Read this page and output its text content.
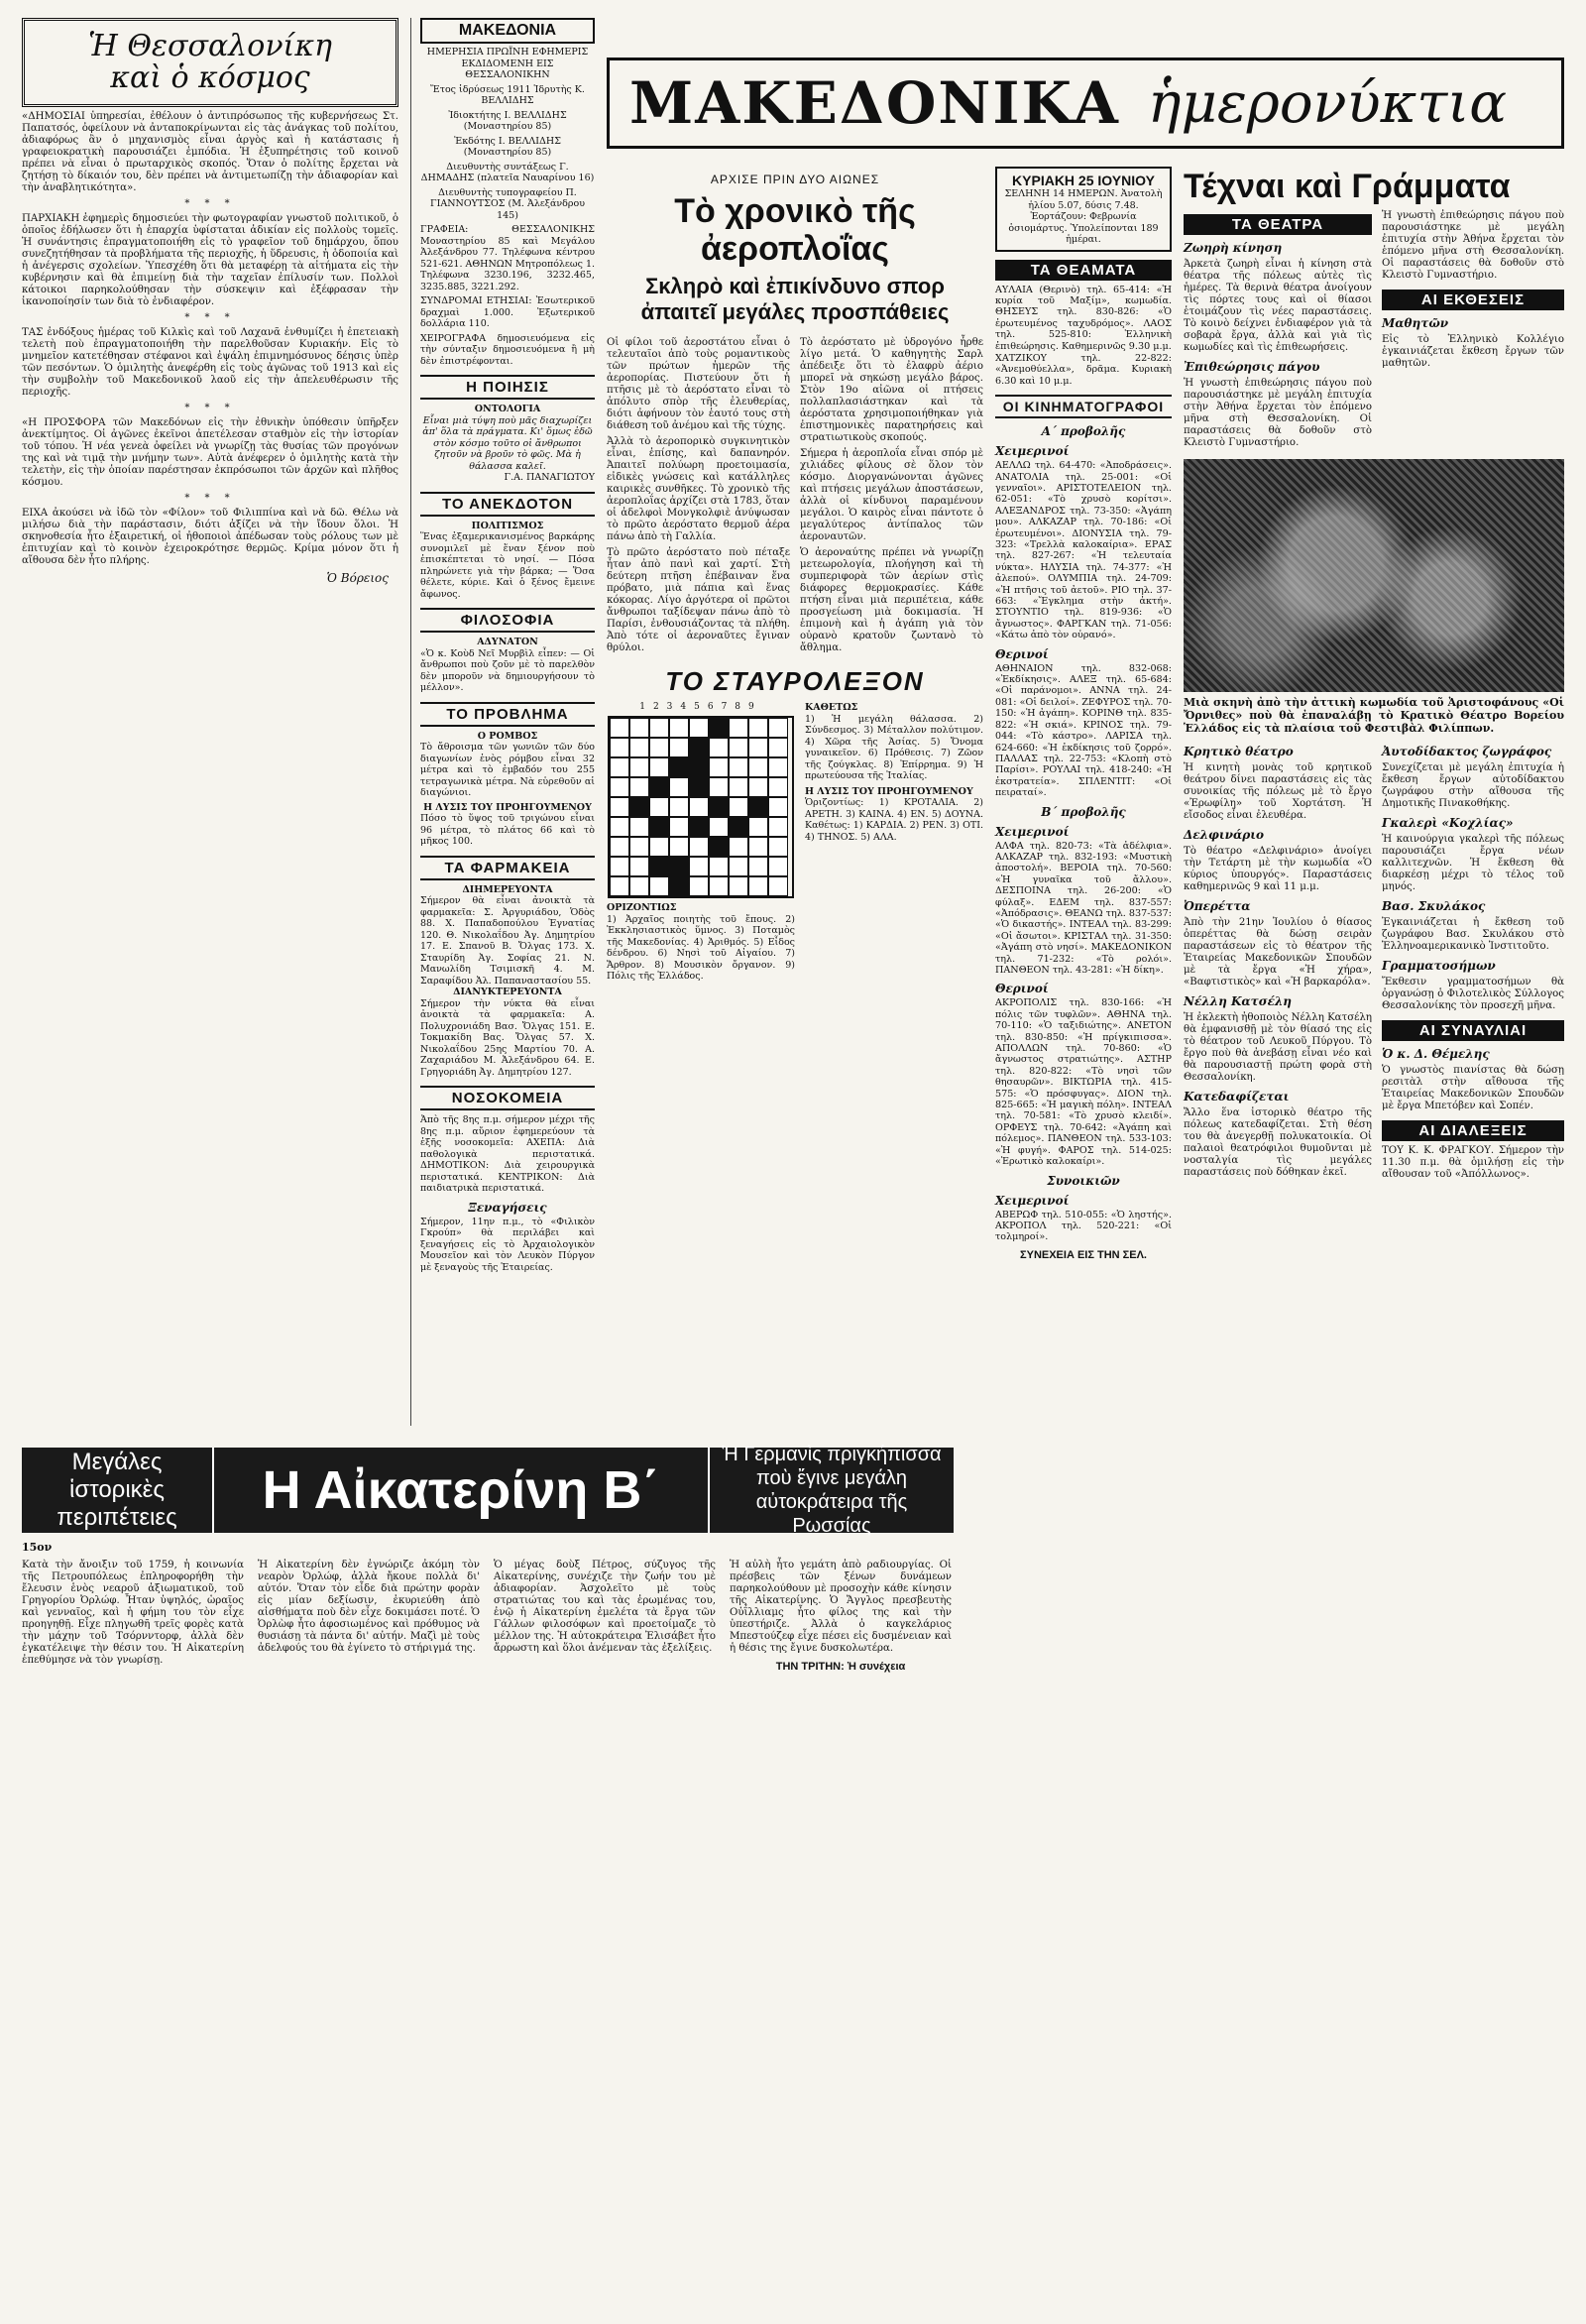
Ἡ Θεσσαλονίκη
καὶ ὁ κόσμος

«ΔΗΜΟΣΙΑΙ ὑπηρεσίαι, ἐθέλουν ὁ ἀντιπρόσωπος τῆς κυβερνήσεως Στ. Παπατσός, ὀφείλουν νὰ ἀνταποκρίνωνται εἰς τὰς ἀνάγκας τοῦ πολίτου, ἀδιαφόρως ἂν ὁ μηχανισμὸς εἶναι ἀργὸς καὶ ἡ κατάστασις ἡ γραφειοκρατικὴ παρουσιάζει ἐμπόδια. Ἡ ἐξυπηρέτησις τοῦ κοινοῦ πρέπει νὰ εἶναι ὁ πρωταρχικὸς σκοπός. Ὅταν ὁ πολίτης ἔρχεται νὰ ζητήσῃ τὸ δίκαιόν του, δὲν πρέπει νὰ ἀντιμετωπίζῃ τὴν ἀδιαφορίαν καὶ τὴν ἀναβλητικότητα».

* * *

ΠΑΡΧΙΑΚΗ ἐφημερὶς δημοσιεύει τὴν φωτογραφίαν γνωστοῦ πολιτικοῦ, ὁ ὁποῖος ἐδήλωσεν ὅτι ἡ ἐπαρχία ὑφίσταται ἀδικίαν εἰς πολλοὺς τομεῖς. Ἡ συνάντησις ἐπραγματοποιήθη εἰς τὸ γραφεῖον τοῦ δημάρχου, ὅπου συνεζητήθησαν τὰ προβλήματα τῆς περιοχῆς, ἡ ὕδρευσις, ἡ ὁδοποιία καὶ ἡ ἀνέγερσις σχολείων. Ὑπεσχέθη ὅτι θὰ μεταφέρῃ τὰ αἰτήματα εἰς τὴν κυβέρνησιν καὶ θὰ ἐπιμείνῃ διὰ τὴν ταχεῖαν ἐπίλυσίν των. Πολλοὶ κάτοικοι παρηκολούθησαν τὴν σύσκεψιν καὶ ἐξέφρασαν τὴν ἱκανοποίησίν των διὰ τὸ ἐνδιαφέρον.

* * *

ΤΑΣ ἐνδόξους ἡμέρας τοῦ Κιλκὶς καὶ τοῦ Λαχανᾶ ἐνθυμίζει ἡ ἐπετειακὴ τελετὴ ποὺ ἐπραγματοποιήθη τὴν παρελθοῦσαν Κυριακήν. Εἰς τὸ μνημεῖον κατετέθησαν στέφανοι καὶ ἐψάλη ἐπιμνημόσυνος δέησις ὑπὲρ τῶν πεσόντων. Ὁ ὁμιλητὴς ἀνεφέρθη εἰς τοὺς ἀγῶνας τοῦ 1913 καὶ εἰς τὴν συμβολὴν τοῦ Μακεδονικοῦ λαοῦ εἰς τὴν ἀπελευθέρωσιν τῆς περιοχῆς.

* * *

«Η ΠΡΟΣΦΟΡΑ τῶν Μακεδόνων εἰς τὴν ἐθνικὴν ὑπόθεσιν ὑπῆρξεν ἀνεκτίμητος. Οἱ ἀγῶνες ἐκεῖνοι ἀπετέλεσαν σταθμὸν εἰς τὴν ἱστορίαν τοῦ τόπου. Ἡ νέα γενεὰ ὀφείλει νὰ γνωρίζῃ τὰς θυσίας τῶν προγόνων της καὶ νὰ τιμᾷ τὴν μνήμην των». Αὐτὰ ἀνέφερεν ὁ ὁμιλητὴς κατὰ τὴν τελετὴν, εἰς τὴν ὁποίαν παρέστησαν ἐκπρόσωποι τῶν ἀρχῶν καὶ πλῆθος κόσμου.

* * *

ΕΙΧΑ ἀκούσει νὰ ἰδῶ τὸν «Φίλον» τοῦ Φιλιππίνα καὶ νὰ δῶ. Θέλω νὰ μιλήσω διὰ τὴν παράστασιν, διότι ἀξίζει νὰ τὴν ἴδουν ὅλοι. Ἡ σκηνοθεσία ἦτο ἐξαιρετική, οἱ ἠθοποιοὶ ἀπέδωσαν τοὺς ρόλους των μὲ ἐπιτυχίαν καὶ τὸ κοινὸν ἐχειροκρότησε θερμῶς. Κρίμα μόνον ὅτι ἡ αἴθουσα δὲν ἦτο πλήρης.

Ὁ Βόρειος
ΜΑΚΕΔΟΝΙΑ
ΗΜΕΡΗΣΙΑ ΠΡΩΪΝΗ ΕΦΗΜΕΡΙΣ ΕΚΔΙΔΟΜΕΝΗ ΕΙΣ ΘΕΣΣΑΛΟΝΙΚΗΝ
Ἔτος ἱδρύσεως 1911 Ἱδρυτὴς Κ. ΒΕΛΛΙΔΗΣ
Ἰδιοκτήτης Ι. ΒΕΛΛΙΔΗΣ (Μοναστηρίου 85)
Ἐκδότης Ι. ΒΕΛΛΙΔΗΣ (Μοναστηρίου 85)
Διευθυντὴς συντάξεως Γ. ΔΗΜΑΔΗΣ (πλατεῖα Ναυαρίνου 16)
Διευθυντὴς τυπογραφείου Π. ΓΙΑΝΝΟΥΤΣΟΣ (Μ. Ἀλεξάνδρου 145)
ΓΡΑΦΕΙΑ: ΘΕΣΣΑΛΟΝΙΚΗΣ Μοναστηρίου 85 καὶ Μεγάλου Ἀλεξάνδρου 77. Τηλέφωνα κέντρου 521-621. ΑΘΗΝΩΝ Μητροπόλεως 1. Τηλέφωνα 3230.196, 3232.465, 3235.885, 3221.292.
ΣΥΝΔΡΟΜΑΙ ΕΤΗΣΙΑΙ: Ἐσωτερικοῦ δραχμαὶ 1.000. Ἐξωτερικοῦ δολλάρια 110.
ΧΕΙΡΟΓΡΑΦΑ δημοσιευόμενα εἰς τὴν σύνταξιν δημοσιευόμενα ἢ μὴ δὲν ἐπιστρέφονται.
Η ΠΟΙΗΣΙΣ
ΟΝΤΟΛΟΓΙΑ
Εἶναι μιὰ τύψη ποὺ μᾶς διαχωρίζει ἀπ' ὅλα τὰ πράγματα. Κι' ὅμως ἐδῶ στὸν κόσμο τοῦτο οἱ ἄνθρωποι ζητοῦν νὰ βροῦν τὸ φῶς. Μὰ ἡ θάλασσα καλεῖ.
Γ.Α. ΠΑΝΑΓΙΩΤΟΥ
ΤΟ ΑΝΕΚΔΟΤΟΝ
ΠΟΛΙΤΙΣΜΟΣ
Ἕνας ἐξαμερικανισμένος βαρκάρης συνομιλεῖ μὲ ἕναν ξένον ποὺ ἐπισκέπτεται τὸ νησί. — Πόσα πληρώνετε γιὰ τὴν βάρκα; — Ὅσα θέλετε, κύριε. Καὶ ὁ ξένος ἔμεινε ἄφωνος.
ΦΙΛΟΣΟΦΙΑ
ΑΔΥΝΑΤΟΝ
«Ὁ κ. Κοὺδ Νεῖ Μυρβὶλ εἶπεν: — Οἱ ἄνθρωποι ποὺ ζοῦν μὲ τὸ παρελθὸν δὲν μποροῦν νὰ δημιουργήσουν τὸ μέλλον».
ΤΟ ΠΡΟΒΛΗΜΑ
Ο ΡΟΜΒΟΣ
Τὸ ἄθροισμα τῶν γωνιῶν τῶν δύο διαγωνίων ἑνὸς ρόμβου εἶναι 32 μέτρα καὶ τὸ ἐμβαδόν του 255 τετραγωνικὰ μέτρα. Νὰ εὑρεθοῦν αἱ διαγώνιοι.
Η ΛΥΣΙΣ ΤΟΥ ΠΡΟΗΓΟΥΜΕΝΟΥ
Πόσο τὸ ὕψος τοῦ τριγώνου εἶναι 96 μέτρα, τὸ πλάτος 66 καὶ τὸ μῆκος 100.
ΤΑ ΦΑΡΜΑΚΕΙΑ
ΔΙΗΜΕΡΕΥΟΝΤΑ
Σήμερον θὰ εἶναι ἀνοικτὰ τὰ φαρμακεῖα: Σ. Ἀργυριάδου, Ὁδὸς 88. Χ. Παπαδοπούλου Ἐγνατίας 120. Θ. Νικολαΐδου Ἀγ. Δημητρίου 17. Ε. Σπανοῦ Β. Ὄλγας 173. Χ. Σταυρίδη Ἀγ. Σοφίας 21. Ν. Μανωλίδη Τσιμισκῆ 4. Μ. Σαραφίδου Ἀλ. Παπαναστασίου 55.
ΔΙΑΝΥΚΤΕΡΕΥΟΝΤΑ
Σήμερον τὴν νύκτα θὰ εἶναι ἀνοικτὰ τὰ φαρμακεῖα: Α. Πολυχρονιάδη Βασ. Ὄλγας 151. Ε. Τοκμακίδη Βας. Ὄλγας 57. Χ. Νικολαΐδου 25ης Μαρτίου 70. Α. Ζαχαριάδου Μ. Ἀλεξάνδρου 64. Ε. Γρηγοριάδη Ἀγ. Δημητρίου 127.
ΝΟΣΟΚΟΜΕΙΑ
Ἀπὸ τῆς 8ης π.μ. σήμερον μέχρι τῆς 8ης π.μ. αὔριον ἐφημερεύουν τὰ ἑξῆς νοσοκομεῖα: ΑΧΕΠΑ: Διὰ παθολογικὰ περιστατικά. ΔΗΜΟΤΙΚΟΝ: Διὰ χειρουργικὰ περιστατικά. ΚΕΝΤΡΙΚΟΝ: Διὰ παιδιατρικὰ περιστατικά.
Ξεναγήσεις
Σήμερον, 11ην π.μ., τὸ «Φιλικὸν Γκρούπ» θὰ περιλάβει καὶ ξεναγήσεις εἰς τὸ Ἀρχαιολογικὸν Μουσεῖον καὶ τὸν Λευκὸν Πύργον μὲ ξεναγοὺς τῆς Ἑταιρείας.
ΜΑΚΕΔΟΝΙΚΑ ἡμερονύκτια
ΑΡΧΙΣΕ ΠΡΙΝ ΔΥΟ ΑΙΩΝΕΣ
Τὸ χρονικὸ τῆς ἀεροπλοΐας
Σκληρὸ καὶ ἐπικίνδυνο σπορ ἀπαιτεῖ μεγάλες προσπάθειες

Οἱ φίλοι τοῦ ἀεροστάτου εἶναι ὁ τελευταῖοι ἀπὸ τοὺς ρομαντικοὺς τῶν πρώτων ἡμερῶν τῆς ἀεροπορίας. Πιστεύουν ὅτι ἡ πτῆσις μὲ τὸ ἀερόστατο εἶναι τὸ ἀπόλυτο σπὸρ τῆς ἐλευθερίας, διότι ἀφήνουν τὸν ἑαυτό τους στὴ διάθεση τοῦ ἀνέμου καὶ τῆς τύχης.

Ἀλλὰ τὸ ἀεροπορικὸ συγκινητικὸν εἶναι, ἐπίσης, καὶ δαπανηρόν. Ἀπαιτεῖ πολύωρη προετοιμασία, εἰδικὲς γνώσεις καὶ κατάλληλες καιρικὲς συνθῆκες. Τὸ χρονικὸ τῆς ἀεροπλοΐας ἀρχίζει στὰ 1783, ὅταν οἱ ἀδελφοὶ Μονγκολφιὲ ἀνύψωσαν τὸ πρῶτο ἀερόστατο θερμοῦ ἀέρα πάνω ἀπὸ τὴ Γαλλία.

Τὸ πρῶτο ἀερόστατο ποὺ πέταξε ἦταν ἀπὸ πανὶ καὶ χαρτί. Στὴ δεύτερη πτῆση ἐπέβαιναν ἕνα πρόβατο, μιὰ πάπια καὶ ἕνας κόκορας. Λίγο ἀργότερα οἱ πρῶτοι ἄνθρωποι ταξίδεψαν πάνω ἀπὸ τὸ Παρίσι, ἐνθουσιάζοντας τὰ πλήθη. Ἀπὸ τότε οἱ ἀεροναῦτες ἔγιναν θρύλοι.

Τὸ ἀερόστατο μὲ ὑδρογόνο ἦρθε λίγο μετά. Ὁ καθηγητὴς Σαρλ ἀπέδειξε ὅτι τὸ ἐλαφρὺ ἀέριο μπορεῖ νὰ σηκώσῃ μεγάλο βάρος. Στὸν 19ο αἰῶνα οἱ πτήσεις πολλαπλασιάστηκαν καὶ τὰ ἀερόστατα χρησιμοποιήθηκαν γιὰ ἐπιστημονικὲς παρατηρήσεις καὶ στρατιωτικοὺς σκοπούς.

Σήμερα ἡ ἀεροπλοΐα εἶναι σπόρ μὲ χιλιάδες φίλους σὲ ὅλον τὸν κόσμο. Διοργανώνονται ἀγῶνες καὶ πτήσεις μεγάλων ἀποστάσεων, ἀλλὰ οἱ κίνδυνοι παραμένουν μεγάλοι. Ὁ καιρὸς εἶναι πάντοτε ὁ μεγαλύτερος ἀντίπαλος τῶν ἀεροναυτῶν.

Ὁ ἀεροναύτης πρέπει νὰ γνωρίζῃ μετεωρολογία, πλοήγηση καὶ τὴ συμπεριφορὰ τῶν ἀερίων στὶς διάφορες θερμοκρασίες. Κάθε πτήση εἶναι μιὰ περιπέτεια, κάθε προσγείωση μιὰ δοκιμασία. Ἡ ἐπιμονὴ καὶ ἡ ἀγάπη γιὰ τὸν οὐρανὸ κρατοῦν ζωντανὸ τὸ ἄθλημα.

ΤΟ ΣΤΑΥΡΟΛΕΞΟΝ
123456789
ΟΡΙΖΟΝΤΙΩΣ
1) Ἀρχαῖος ποιητὴς τοῦ ἔπους. 2) Ἐκκλησιαστικὸς ὕμνος. 3) Ποταμὸς τῆς Μακεδονίας. 4) Ἀριθμός. 5) Εἶδος δένδρου. 6) Νησὶ τοῦ Αἰγαίου. 7) Ἄρθρον. 8) Μουσικὸν ὄργανον. 9) Πόλις τῆς Ἑλλάδος.
ΚΑΘΕΤΩΣ
1) Ἡ μεγάλη θάλασσα. 2) Σύνδεσμος. 3) Μέταλλον πολύτιμον. 4) Χῶρα τῆς Ἀσίας. 5) Ὄνομα γυναικεῖον. 6) Πρόθεσις. 7) Ζῶον τῆς ζούγκλας. 8) Ἐπίρρημα. 9) Ἡ πρωτεύουσα τῆς Ἰταλίας.
Η ΛΥΣΙΣ ΤΟΥ ΠΡΟΗΓΟΥΜΕΝΟΥ
Ὁριζοντίως: 1) ΚΡΟΤΑΛΙΑ. 2) ΑΡΕΤΗ. 3) ΚΑΙΝΑ. 4) ΕΝ. 5) ΔΟΥΝΑ. Καθέτως: 1) ΚΑΡΔΙΑ. 2) ΡΕΝ. 3) ΟΤΙ. 4) ΤΗΝΟΣ. 5) ΑΛΑ.
ΚΥΡΙΑΚΗ 25 ΙΟΥΝΙΟΥ
ΣΕΛΗΝΗ 14 ΗΜΕΡΩΝ. Ἀνατολὴ ἡλίου 5.07, δύσις 7.48. Ἑορτάζουν: Φεβρωνία ὁσιομάρτυς. Ὑπολείπονται 189 ἡμέραι.
ΤΑ ΘΕΑΜΑΤΑ
ΑΥΛΑΙΑ (Θερινὸ) τηλ. 65-414: «Ἡ κυρία τοῦ Μαξίμ», κωμωδία. ΘΗΣΕΥΣ τηλ. 830-826: «Ὁ ἐρωτευμένος ταχυδρόμος». ΛΑΟΣ τηλ. 525-810: Ἑλληνικὴ ἐπιθεώρησις. Καθημερινῶς 9.30 μ.μ.
ΧΑΤΖΙΚΟΥ τηλ. 22-822: «Ἀνεμοθύελλα», δρᾶμα. Κυριακὴ 6.30 καὶ 10 μ.μ.
ΟΙ ΚΙΝΗΜΑΤΟΓΡΑΦΟΙ
Α΄ προβολῆς
Χειμερινοί
ΑΕΛΛΩ τηλ. 64-470: «Ἀποδράσεις». ΑΝΑΤΟΛΙΑ τηλ. 25-001: «Οἱ γενναῖοι». ΑΡΙΣΤΟΤΕΛΕΙΟΝ τηλ. 62-051: «Τὸ χρυσὸ κορίτσι». ΑΛΕΞΑΝΔΡΟΣ τηλ. 73-350: «Ἀγάπη μου». ΑΛΚΑΖΑΡ τηλ. 70-186: «Οἱ ἐρωτευμένοι». ΔΙΟΝΥΣΙΑ τηλ. 79-323: «Τρελλὰ καλοκαίρια». ΕΡΑΣ τηλ. 827-267: «Ἡ τελευταία νύκτα». ΗΛΥΣΙΑ τηλ. 74-377: «Ἡ ἀλεπού». ΟΛΥΜΠΙΑ τηλ. 24-709: «Ἡ πτῆσις τοῦ ἀετοῦ». ΡΙΟ τηλ. 37-663: «Ἔγκλημα στὴν ἀκτή». ΣΤΟΥΝΤΙΟ τηλ. 819-936: «Ὁ ἄγνωστος». ΦΑΡΓΚΑΝ τηλ. 71-056: «Κάτω ἀπὸ τὸν οὐρανό».
Θερινοί
ΑΘΗΝΑΙΟΝ τηλ. 832-068: «Ἐκδίκησις». ΑΛΕΞ τηλ. 65-684: «Οἱ παράνομοι». ΑΝΝΑ τηλ. 24-081: «Οἱ δειλοί». ΖΕΦΥΡΟΣ τηλ. 70-150: «Ἡ ἀγάπη». ΚΟΡΙΝΘ τηλ. 835-822: «Ἡ σκιά». ΚΡΙΝΟΣ τηλ. 79-044: «Τὸ κάστρο». ΛΑΡΙΣΑ τηλ. 624-660: «Ἡ ἐκδίκησις τοῦ ζορρό». ΠΑΛΛΑΣ τηλ. 22-753: «Κλοπὴ στὸ Παρίσι». ΡΟΥΛΑΙ τηλ. 418-240: «Ἡ ἐκστρατεία». ΣΠΛΕΝΤΙΤ: «Οἱ πειραταί».
Β΄ προβολῆς
Χειμερινοί
ΑΛΦΑ τηλ. 820-73: «Τὰ ἀδέλφια». ΑΛΚΑΖΑΡ τηλ. 832-193: «Μυστικὴ ἀποστολή». ΒΕΡΟΙΑ τηλ. 70-560: «Ἡ γυναῖκα τοῦ ἄλλου». ΔΕΣΠΟΙΝΑ τηλ. 26-200: «Ὁ φύλαξ». ΕΔΕΜ τηλ. 837-557: «Ἀπόδρασις». ΘΕΑΝΩ τηλ. 837-537: «Ὁ δικαστής». ΙΝΤΕΑΛ τηλ. 83-299: «Οἱ ἄσωτοι». ΚΡΙΣΤΑΛ τηλ. 31-350: «Ἀγάπη στὸ νησί». ΜΑΚΕΔΟΝΙΚΟΝ τηλ. 71-232: «Τὸ ρολόι». ΠΑΝΘΕΟΝ τηλ. 43-281: «Ἡ δίκη».
Θερινοί
ΑΚΡΟΠΟΛΙΣ τηλ. 830-166: «Ἡ πόλις τῶν τυφλῶν». ΑΘΗΝΑ τηλ. 70-110: «Ὁ ταξιδιώτης». ΑΝΕΤΟΝ τηλ. 830-850: «Ἡ πρίγκιπισσα». ΑΠΟΛΛΩΝ τηλ. 70-860: «Ὁ ἄγνωστος στρατιώτης». ΑΣΤΗΡ τηλ. 820-822: «Τὸ νησὶ τῶν θησαυρῶν». ΒΙΚΤΩΡΙΑ τηλ. 415-575: «Ὁ πρόσφυγας». ΔΙΟΝ τηλ. 825-665: «Ἡ μαγικὴ πόλη». ΙΝΤΕΑΛ τηλ. 70-581: «Τὸ χρυσὸ κλειδί». ΟΡΦΕΥΣ τηλ. 70-642: «Ἀγάπη καὶ πόλεμος». ΠΑΝΘΕΟΝ τηλ. 533-103: «Ἡ φυγή». ΦΑΡΟΣ τηλ. 514-025: «Ἐρωτικὸ καλοκαίρι».
Συνοικιῶν
Χειμερινοί
ΑΒΕΡΩΦ τηλ. 510-055: «Ὁ ληστής». ΑΚΡΟΠΟΛ τηλ. 520-221: «Οἱ τολμηροί».
ΣΥΝΕΧΕΙΑ ΕΙΣ ΤΗΝ ΣΕΛ.
Τέχναι καὶ Γράμματα
ΤΑ ΘΕΑΤΡΑ
Ζωηρὴ κίνηση

Ἀρκετὰ ζωηρὴ εἶναι ἡ κίνηση στὰ θέατρα τῆς πόλεως αὐτὲς τὶς ἡμέρες. Τὰ θερινὰ θέατρα ἀνοίγουν τὶς πόρτες τους καὶ οἱ θίασοι ἑτοιμάζουν τὶς νέες παραστάσεις. Τὸ κοινὸ δείχνει ἐνδιαφέρον γιὰ τὰ σοβαρὰ ἔργα, ἀλλὰ καὶ γιὰ τὶς κωμωδίες καὶ τὶς ἐπιθεωρήσεις.

Ἐπιθεώρησις πάγου

Ἡ γνωστὴ ἐπιθεώρησις πάγου ποὺ παρουσιάστηκε μὲ μεγάλη ἐπιτυχία στὴν Ἀθήνα ἔρχεται τὸν ἑπόμενο μῆνα στὴ Θεσσαλονίκη. Οἱ παραστάσεις θὰ δοθοῦν στὸ Κλειστὸ Γυμναστήριο.

Ἡ γνωστὴ ἐπιθεώρησις πάγου ποὺ παρουσιάστηκε μὲ μεγάλη ἐπιτυχία στὴν Ἀθήνα ἔρχεται τὸν ἑπόμενο μῆνα στὴ Θεσσαλονίκη. Οἱ παραστάσεις θὰ δοθοῦν στὸ Κλειστὸ Γυμναστήριο.

ΑΙ ΕΚΘΕΣΕΙΣ
Μαθητῶν

Εἰς τὸ Ἑλληνικὸ Κολλέγιο ἐγκαινιάζεται ἔκθεση ἔργων τῶν μαθητῶν.

Μιὰ σκηνὴ ἀπὸ τὴν ἀττικὴ κωμωδία τοῦ Ἀριστοφάνους «Οἱ Ὄρνιθες» ποὺ θὰ ἐπαναλάβῃ τὸ Κρατικὸ Θέατρο Βορείου Ἑλλάδος εἰς τὰ πλαίσια τοῦ Φεστιβὰλ Φιλίππων.
Κρητικὸ θέατρο

Ἡ κινητὴ μονὰς τοῦ κρητικοῦ θεάτρου δίνει παραστάσεις εἰς τὰς συνοικίας τῆς πόλεως μὲ τὸ ἔργο «Ἐρωφίλη» τοῦ Χορτάτση. Ἡ εἴσοδος εἶναι ἐλευθέρα.

Δελφινάριο

Τὸ θέατρο «Δελφινάριο» ἀνοίγει τὴν Τετάρτη μὲ τὴν κωμωδία «Ὁ κύριος ὑπουργός». Παραστάσεις καθημερινῶς 9 καὶ 11 μ.μ.

Ὀπερέττα

Ἀπὸ τὴν 21ην Ἰουλίου ὁ θίασος ὀπερέττας θὰ δώσῃ σειρὰν παραστάσεων εἰς τὸ θέατρον τῆς Ἑταιρείας Μακεδονικῶν Σπουδῶν μὲ τὰ ἔργα «Ἡ χήρα», «Βαφτιστικὸς» καὶ «Ἡ βαρκαρόλα».

Νέλλη Κατσέλη

Ἡ ἐκλεκτὴ ἠθοποιὸς Νέλλη Κατσέλη θὰ ἐμφανισθῇ μὲ τὸν θίασό της εἰς τὸ θέατρον τοῦ Λευκοῦ Πύργου. Τὸ ἔργο ποὺ θὰ ἀνεβάσῃ εἶναι νέο καὶ θὰ παρουσιαστῇ πρώτη φορὰ στὴ Θεσσαλονίκη.

Κατεδαφίζεται

Ἄλλο ἕνα ἱστορικὸ θέατρο τῆς πόλεως κατεδαφίζεται. Στὴ θέση του θὰ ἀνεγερθῇ πολυκατοικία. Οἱ παλαιοὶ θεατρόφιλοι θυμοῦνται μὲ νοσταλγία τὶς μεγάλες παραστάσεις ποὺ δόθηκαν ἐκεῖ.

Ἀυτοδίδακτος ζωγράφος

Συνεχίζεται μὲ μεγάλη ἐπιτυχία ἡ ἔκθεση ἔργων αὐτοδίδακτου ζωγράφου στὴν αἴθουσα τῆς Δημοτικῆς Πινακοθήκης.

Γκαλερὶ «Κοχλίας»

Ἡ καινούργια γκαλερὶ τῆς πόλεως παρουσιάζει ἔργα νέων καλλιτεχνῶν. Ἡ ἔκθεση θὰ διαρκέσῃ μέχρι τὸ τέλος τοῦ μηνός.

Βασ. Σκυλάκος

Ἐγκαινιάζεται ἡ ἔκθεση τοῦ ζωγράφου Βασ. Σκυλάκου στὸ Ἑλληνοαμερικανικὸ Ἰνστιτοῦτο.

Γραμματοσήμων

Ἔκθεσιν γραμματοσήμων θὰ ὀργανώσῃ ὁ Φιλοτελικὸς Σύλλογος Θεσσαλονίκης τὸν προσεχῆ μῆνα.

ΑΙ ΣΥΝΑΥΛΙΑΙ
Ὁ κ. Δ. Θέμελης

Ὁ γνωστὸς πιανίστας θὰ δώσῃ ρεσιτὰλ στὴν αἴθουσα τῆς Ἑταιρείας Μακεδονικῶν Σπουδῶν μὲ ἔργα Μπετόβεν καὶ Σοπέν.

ΑΙ ΔΙΑΛΕΞΕΙΣ

ΤΟΥ Κ. Κ. ΦΡΑΓΚΟΥ. Σήμερον τὴν 11.30 π.μ. θὰ ὁμιλήσῃ εἰς τὴν αἴθουσαν τοῦ «Ἀπόλλωνος».

Μεγάλες ἱστορικὲς περιπέτειες	Η Αἰκατερίνη Β΄
Ἡ Γερμανὶς πριγκήπισσα ποὺ ἔγινε μεγάλη αὐτοκράτειρα τῆς Ρωσσίας
15ον

Κατὰ τὴν ἄνοιξιν τοῦ 1759, ἡ κοινωνία τῆς Πετρουπόλεως ἐπληροφορήθη τὴν ἔλευσιν ἑνὸς νεαροῦ ἀξιωματικοῦ, τοῦ Γρηγορίου Ὀρλώφ. Ἦταν ὑψηλός, ὡραῖος καὶ γενναῖος, καὶ ἡ φήμη του τὸν εἶχε προηγηθῇ. Εἶχε πληγωθῆ τρεῖς φορὲς κατὰ τὴν μάχην τοῦ Τσόρνντορφ, ἀλλὰ δὲν ἐγκατέλειψε τὴν θέσιν του. Ἡ Αἰκατερίνη ἐπεθύμησε νὰ τὸν γνωρίσῃ.

Ἡ Αἰκατερίνη δὲν ἐγνώριζε ἀκόμη τὸν νεαρὸν Ὀρλώφ, ἀλλὰ ἤκουε πολλὰ δι' αὐτόν. Ὅταν τὸν εἶδε διὰ πρώτην φορὰν εἰς μίαν δεξίωσιν, ἐκυριεύθη ἀπὸ αἰσθήματα ποὺ δὲν εἶχε δοκιμάσει ποτέ. Ὁ Ὀρλὼφ ἦτο ἀφοσιωμένος καὶ πρόθυμος νὰ θυσιάσῃ τὰ πάντα δι' αὐτήν. Μαζὶ μὲ τοὺς ἀδελφούς του θὰ ἐγίνετο τὸ στήριγμά της.

Ὁ μέγας δοὺξ Πέτρος, σύζυγος τῆς Αἰκατερίνης, συνέχιζε τὴν ζωήν του μὲ ἀδιαφορίαν. Ἀσχολεῖτο μὲ τοὺς στρατιώτας του καὶ τὰς ἐρωμένας του, ἐνῷ ἡ Αἰκατερίνη ἐμελέτα τὰ ἔργα τῶν Γάλλων φιλοσόφων καὶ προετοίμαζε τὸ μέλλον της. Ἡ αὐτοκράτειρα Ἐλισάβετ ἦτο ἄρρωστη καὶ ὅλοι ἀνέμεναν τὰς ἐξελίξεις.

Ἡ αὐλὴ ἦτο γεμάτη ἀπὸ ραδιουργίας. Οἱ πρέσβεις τῶν ξένων δυνάμεων παρηκολούθουν μὲ προσοχὴν κάθε κίνησιν τῆς Αἰκατερίνης. Ὁ Ἄγγλος πρεσβευτὴς Οὐΐλλιαμς ἦτο φίλος της καὶ τὴν ὑπεστήριζε. Ἀλλὰ ὁ καγκελάριος Μπεστούζεφ εἶχε πέσει εἰς δυσμένειαν καὶ ἡ θέσις της ἔγινε δυσκολωτέρα.

ΤΗΝ ΤΡΙΤΗΝ: Ἡ συνέχεια
